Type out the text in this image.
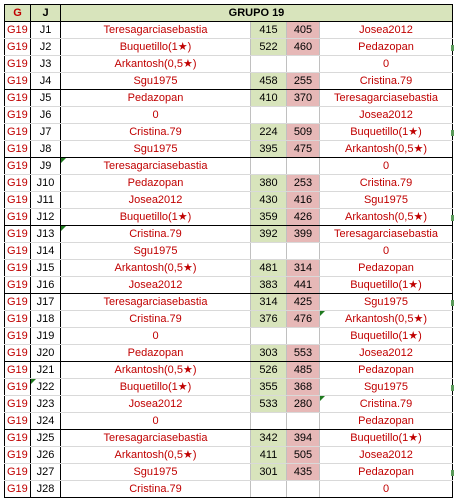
G	J	GRUPO 19			
G19	J1	Teresagarciasebastia	415	405	Josea2012
G19	J2	Buquetillo(1★)	522	460	Pedazopan
G19	J3	Arkantosh(0,5★)			0
G19	J4	Sgu1975	458	255	Cristina.79
G19	J5	Pedazopan	410	370	Teresagarciasebastia
G19	J6	0			Josea2012
G19	J7	Cristina.79	224	509	Buquetillo(1★)
G19	J8	Sgu1975	395	475	Arkantosh(0,5★)
G19	J9	Teresagarciasebastia			0
G19	J10	Pedazopan	380	253	Cristina.79
G19	J11	Josea2012	430	416	Sgu1975
G19	J12	Buquetillo(1★)	359	426	Arkantosh(0,5★)
G19	J13	Cristina.79	392	399	Teresagarciasebastia
G19	J14	Sgu1975			0
G19	J15	Arkantosh(0,5★)	481	314	Pedazopan
G19	J16	Josea2012	383	441	Buquetillo(1★)
G19	J17	Teresagarciasebastia	314	425	Sgu1975
G19	J18	Cristina.79	376	476	Arkantosh(0,5★)
G19	J19	0			Buquetillo(1★)
G19	J20	Pedazopan	303	553	Josea2012
G19	J21	Arkantosh(0,5★)	526	485	Pedazopan
G19	J22	Buquetillo(1★)	355	368	Sgu1975
G19	J23	Josea2012	533	280	Cristina.79
G19	J24	0			Pedazopan
G19	J25	Teresagarciasebastia	342	394	Buquetillo(1★)
G19	J26	Arkantosh(0,5★)	411	505	Josea2012
G19	J27	Sgu1975	301	435	Pedazopan
G19	J28	Cristina.79			0
